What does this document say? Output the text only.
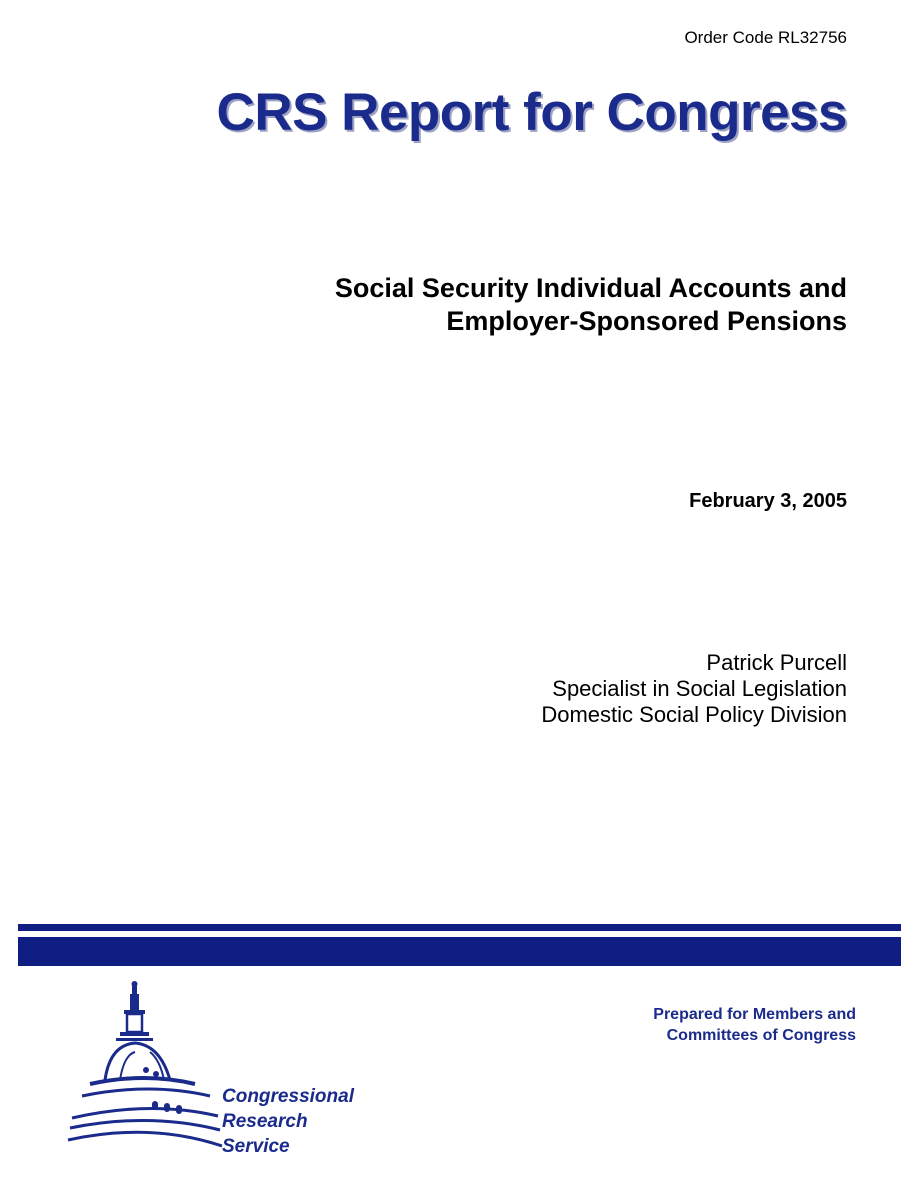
Order Code RL32756
CRS Report for Congress
Social Security Individual Accounts and
Employer-Sponsored Pensions
February 3, 2005
Patrick Purcell
Specialist in Social Legislation
Domestic Social Policy Division
Prepared for Members and
Committees of Congress
Congressional
Research
Service
